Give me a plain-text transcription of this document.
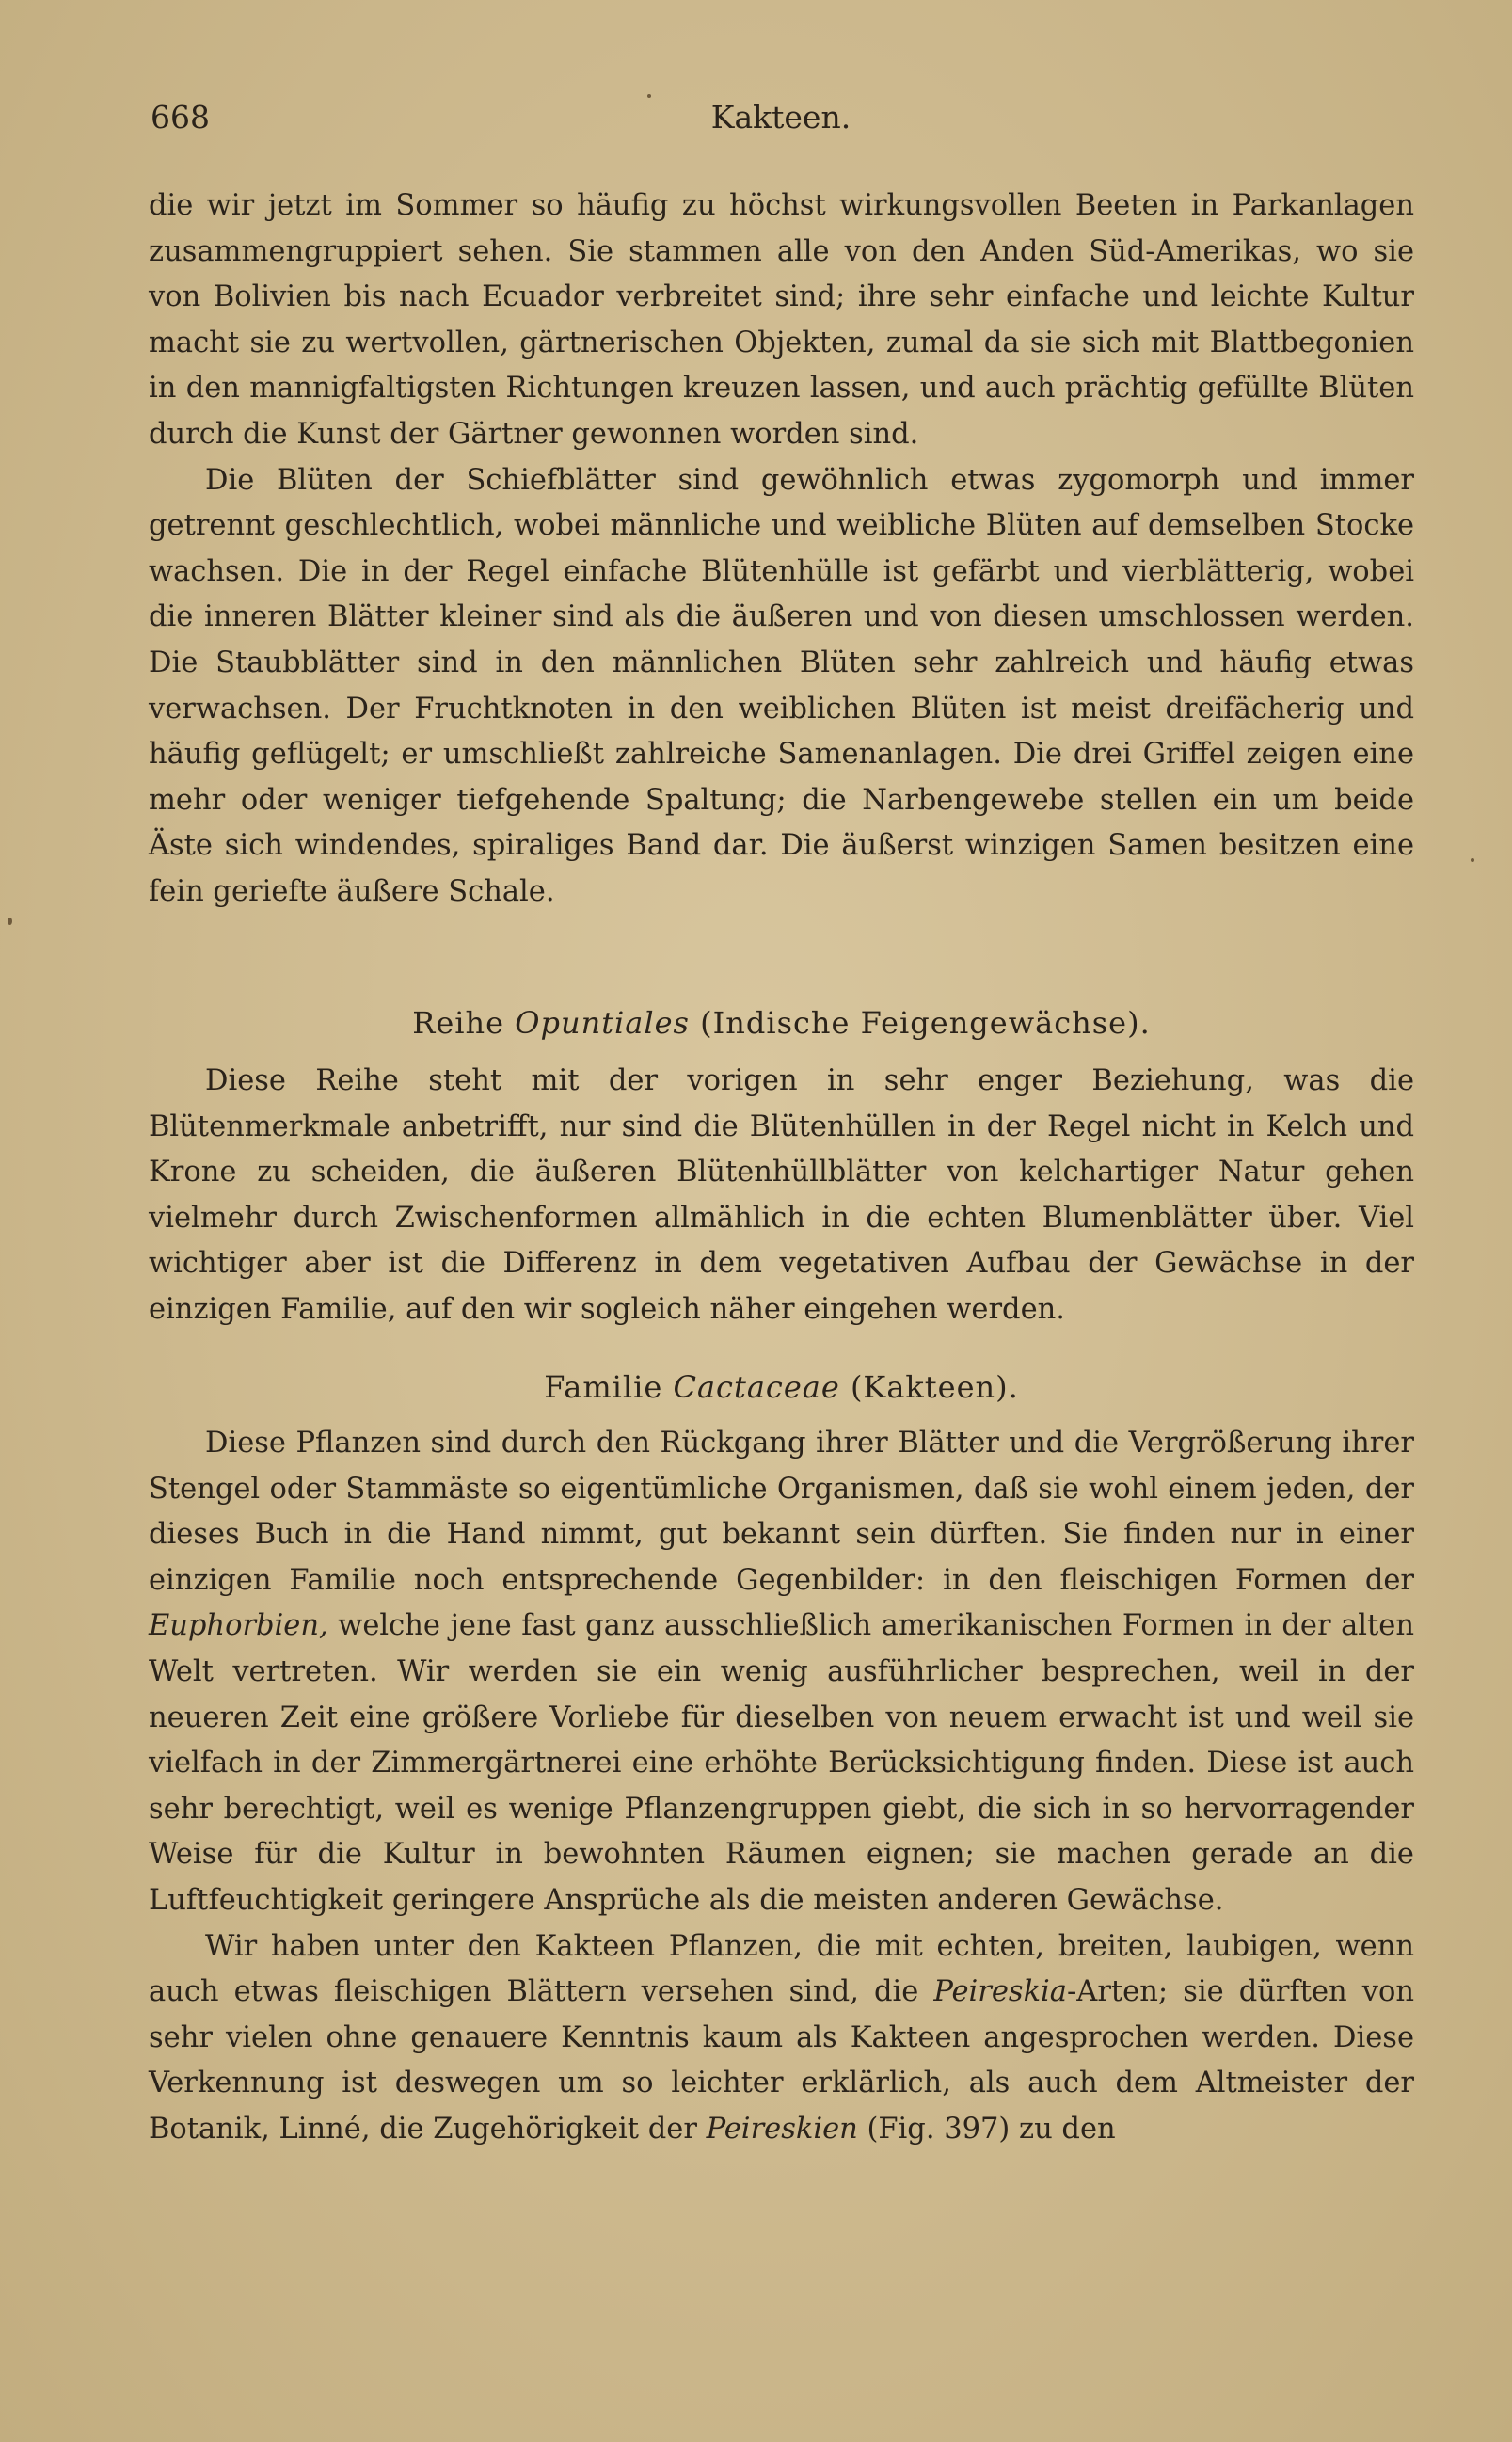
668	Kakteen.

die wir jetzt im Sommer so häufig zu höchst wirkungsvollen Beeten in Parkanlagen zusammengruppiert sehen. Sie stammen alle von den Anden Süd-Amerikas, wo sie von Bolivien bis nach Ecuador verbreitet sind; ihre sehr einfache und leichte Kultur macht sie zu wertvollen, gärtnerischen Objekten, zumal da sie sich mit Blattbegonien in den mannigfaltigsten Richtungen kreuzen lassen, und auch prächtig gefüllte Blüten durch die Kunst der Gärtner gewonnen worden sind.

Die Blüten der Schiefblätter sind gewöhnlich etwas zygomorph und immer getrennt geschlechtlich, wobei männliche und weibliche Blüten auf demselben Stocke wachsen. Die in der Regel einfache Blütenhülle ist gefärbt und vierblätterig, wobei die inneren Blätter kleiner sind als die äußeren und von diesen umschlossen werden. Die Staubblätter sind in den männlichen Blüten sehr zahlreich und häufig etwas verwachsen. Der Fruchtknoten in den weiblichen Blüten ist meist dreifächerig und häufig geflügelt; er umschließt zahlreiche Samenanlagen. Die drei Griffel zeigen eine mehr oder weniger tiefgehende Spaltung; die Narbengewebe stellen ein um beide Äste sich windendes, spiraliges Band dar. Die äußerst winzigen Samen besitzen eine fein geriefte äußere Schale.

Reihe Opuntiales (Indische Feigengewächse).

Diese Reihe steht mit der vorigen in sehr enger Beziehung, was die Blütenmerkmale anbetrifft, nur sind die Blütenhüllen in der Regel nicht in Kelch und Krone zu scheiden, die äußeren Blütenhüllblätter von kelchartiger Natur gehen vielmehr durch Zwischenformen allmählich in die echten Blumenblätter über. Viel wichtiger aber ist die Differenz in dem vegetativen Aufbau der Gewächse in der einzigen Familie, auf den wir sogleich näher eingehen werden.

Familie Cactaceae (Kakteen).

Diese Pflanzen sind durch den Rückgang ihrer Blätter und die Vergrößerung ihrer Stengel oder Stammäste so eigentümliche Organismen, daß sie wohl einem jeden, der dieses Buch in die Hand nimmt, gut bekannt sein dürften. Sie finden nur in einer einzigen Familie noch entsprechende Gegenbilder: in den fleischigen Formen der Euphorbien, welche jene fast ganz ausschließlich amerikanischen Formen in der alten Welt vertreten. Wir werden sie ein wenig ausführlicher besprechen, weil in der neueren Zeit eine größere Vorliebe für dieselben von neuem erwacht ist und weil sie vielfach in der Zimmergärtnerei eine erhöhte Berücksichtigung finden. Diese ist auch sehr berechtigt, weil es wenige Pflanzengruppen giebt, die sich in so hervorragender Weise für die Kultur in bewohnten Räumen eignen; sie machen gerade an die Luftfeuchtigkeit geringere Ansprüche als die meisten anderen Gewächse.

Wir haben unter den Kakteen Pflanzen, die mit echten, breiten, laubigen, wenn auch etwas fleischigen Blättern versehen sind, die Peireskia-Arten; sie dürften von sehr vielen ohne genauere Kenntnis kaum als Kakteen angesprochen werden. Diese Verkennung ist deswegen um so leichter erklärlich, als auch dem Altmeister der Botanik, Linné, die Zugehörigkeit der Peireskien (Fig. 397) zu den
